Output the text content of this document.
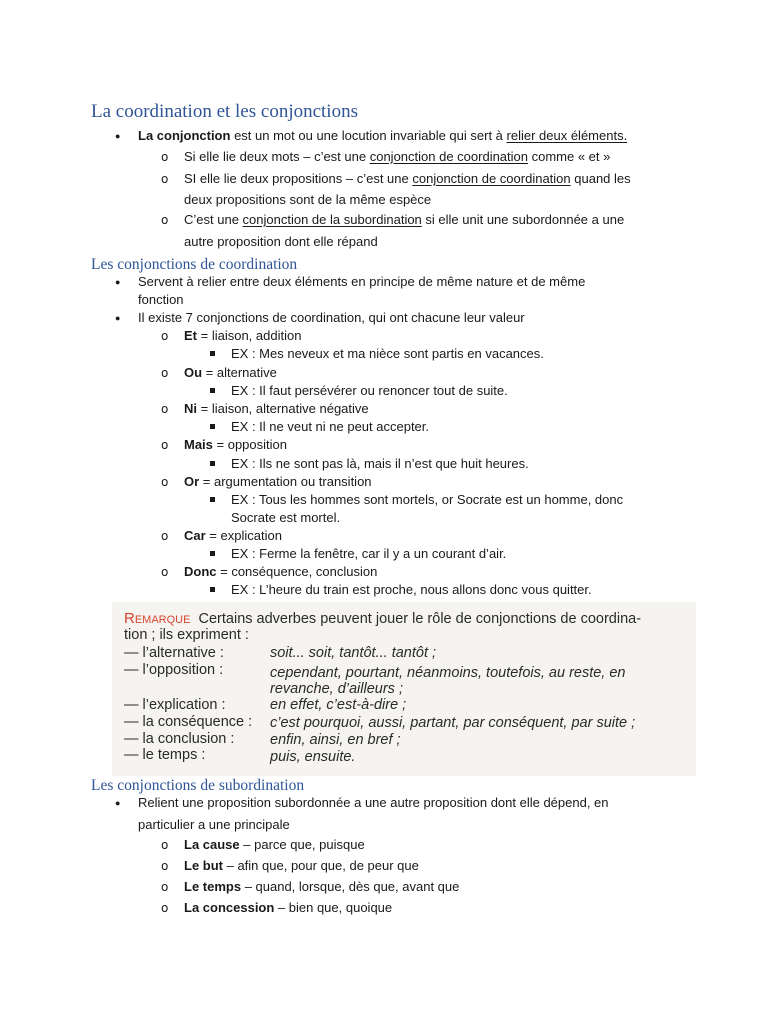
La coordination et les conjonctions
● La conjonction est un mot ou une locution invariable qui sert à relier deux éléments.
o Si elle lie deux mots – c’est une conjonction de coordination comme « et »
o SI elle lie deux propositions – c’est une conjonction de coordination quand les
deux propositions sont de la même espèce
o C’est une conjonction de la subordination si elle unit une subordonnée a une
autre proposition dont elle répand
Les conjonctions de coordination
● Servent à relier entre deux éléments en principe de même nature et de même
fonction
● Il existe 7 conjonctions de coordination, qui ont chacune leur valeur
o Et = liaison, addition
EX : Mes neveux et ma nièce sont partis en vacances.
o Ou = alternative
EX : Il faut persévérer ou renoncer tout de suite.
o Ni = liaison, alternative négative
EX : Il ne veut ni ne peut accepter.
o Mais = opposition
EX : Ils ne sont pas là, mais il n’est que huit heures.
o Or = argumentation ou transition
EX : Tous les hommes sont mortels, or Socrate est un homme, donc
Socrate est mortel.
o Car = explication
EX : Ferme la fenêtre, car il y a un courant d’air.
o Donc = conséquence, conclusion
EX : L’heure du train est proche, nous allons donc vous quitter.
Remarque Certains adverbes peuvent jouer le rôle de conjonctions de coordina-
tion ; ils expriment :
— l’alternative :	soit... soit, tantôt... tantôt ;
— l’opposition :	cependant, pourtant, néanmoins, toutefois, au reste, en
revanche, d’ailleurs ;
— l’explication :	en effet, c’est-à-dire ;
— la conséquence : c’est pourquoi, aussi, partant, par conséquent, par suite ;
— la conclusion : enfin, ainsi, en bref ;
— le temps :	puis, ensuite.
Les conjonctions de subordination
● Relient une proposition subordonnée a une autre proposition dont elle dépend, en
particulier a une principale
o La cause – parce que, puisque
o Le but – afin que, pour que, de peur que
o Le temps – quand, lorsque, dès que, avant que
o La concession – bien que, quoique
